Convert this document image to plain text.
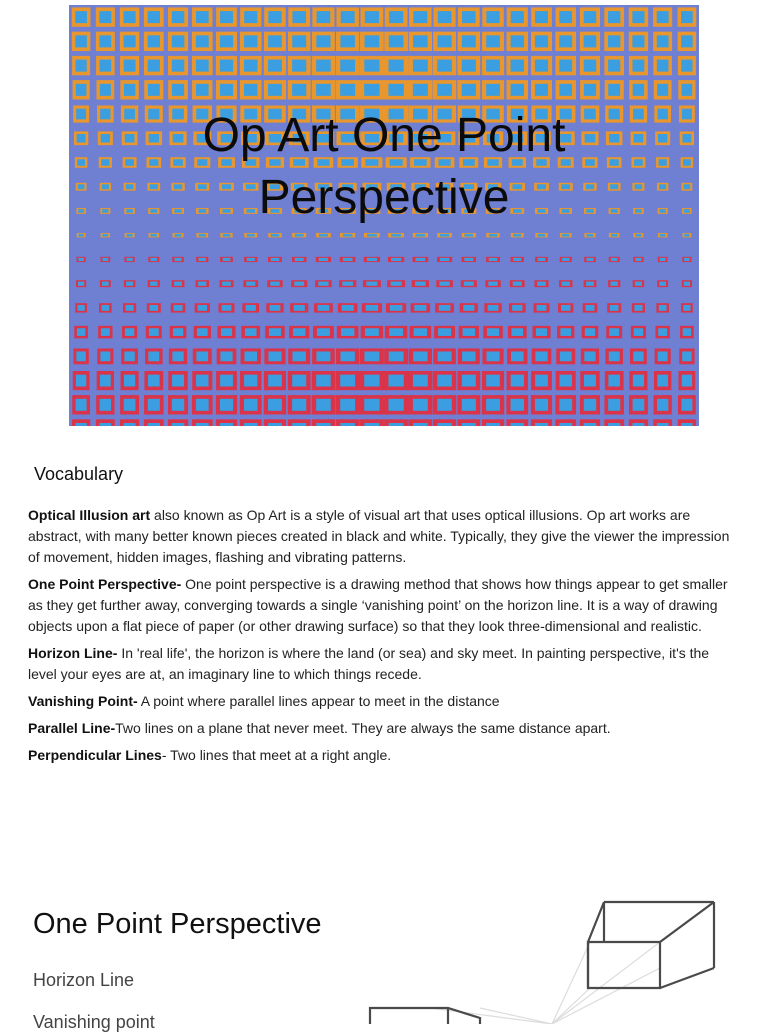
Op Art One Point
Perspective
Vocabulary

Optical Illusion art also known as Op Art is a style of visual art that uses optical illusions. Op art works are abstract, with many better known pieces created in black and white. Typically, they give the viewer the impression of movement, hidden images, flashing and vibrating patterns.

One Point Perspective- One point perspective is a drawing method that shows how things appear to get smaller as they get further away, converging towards a single ‘vanishing point’ on the horizon line. It is a way of drawing objects upon a flat piece of paper (or other drawing surface) so that they look three-dimensional and realistic.

Horizon Line- In 'real life', the horizon is where the land (or sea) and sky meet. In painting perspective, it's the level your eyes are at, an imaginary line to which things recede.

Vanishing Point- A point where parallel lines appear to meet in the distance

Parallel Line-Two lines on a plane that never meet. They are always the same distance apart.

Perpendicular Lines- Two lines that meet at a right angle.

One Point Perspective
Horizon Line
Vanishing point
